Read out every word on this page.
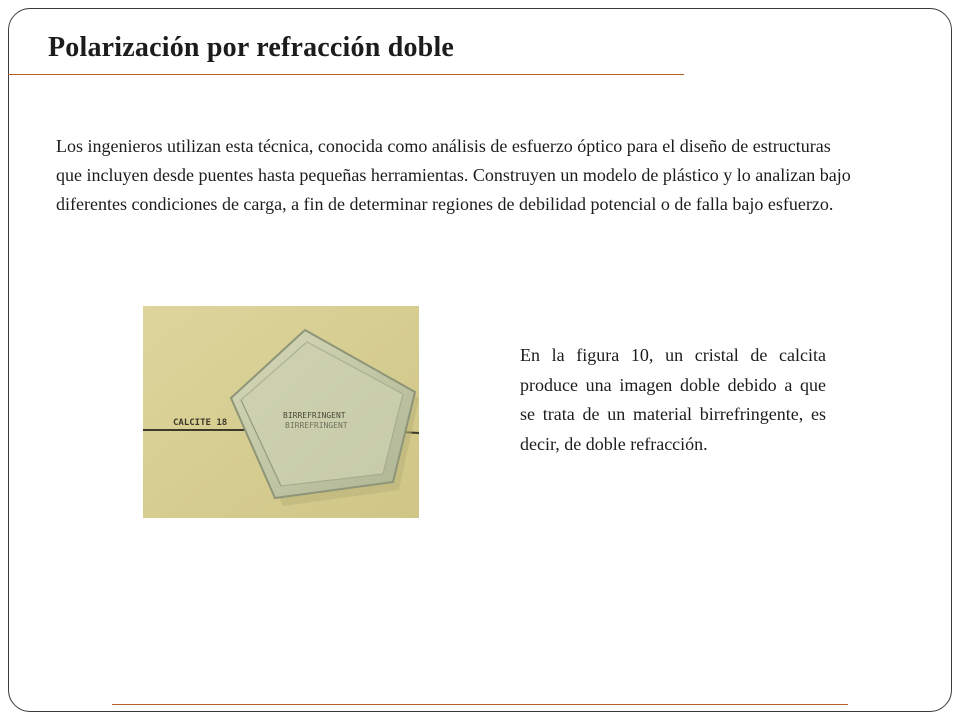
Polarización por refracción doble

Los ingenieros utilizan esta técnica, conocida como análisis de esfuerzo óptico para el diseño de estructuras que incluyen desde puentes hasta pequeñas herramientas. Construyen un modelo de plástico y lo analizan bajo diferentes condiciones de carga, a fin de determinar regiones de debilidad potencial o de falla bajo esfuerzo.

CALCITE 18
BIRREFRINGENT
BIRREFRINGENT

En la figura 10, un cristal de calcita produce una imagen doble debido a que se trata de un material birrefringente, es decir, de doble refracción.
